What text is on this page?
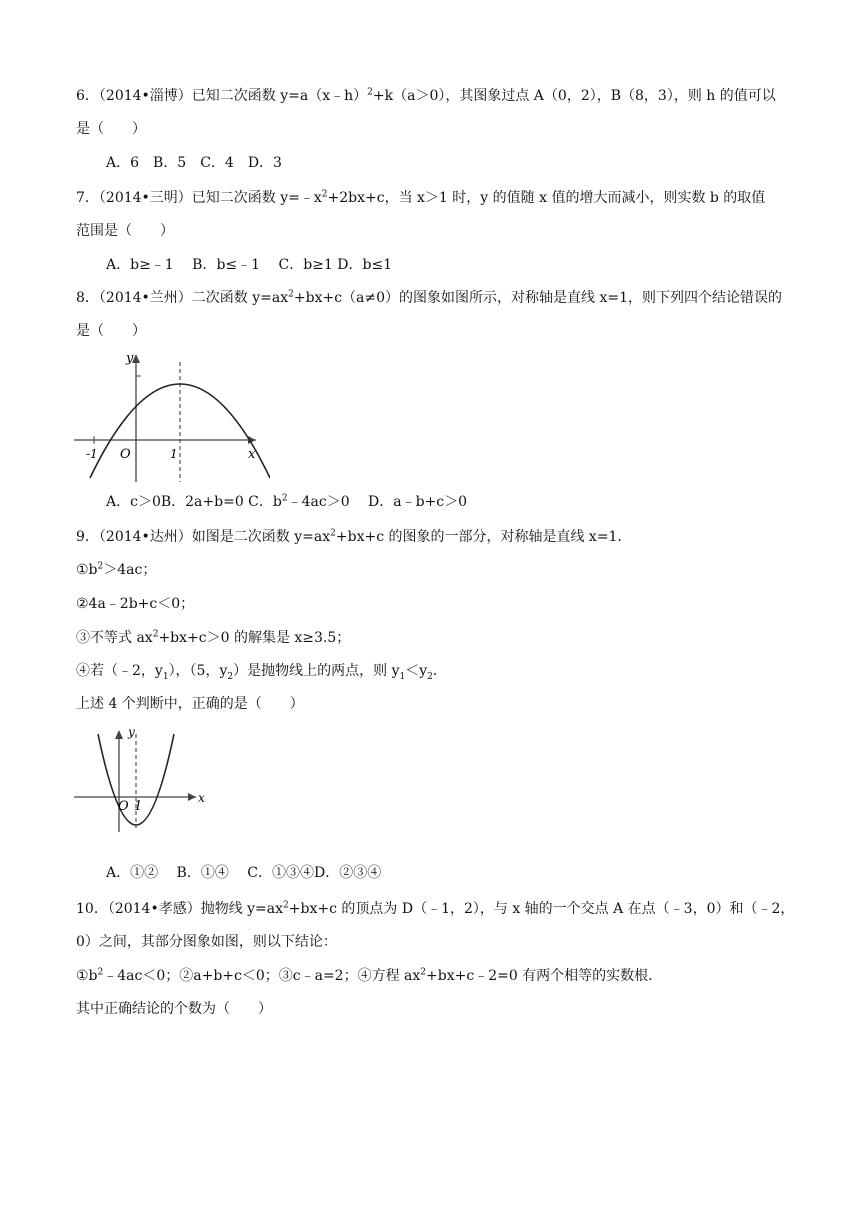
6．（2014•淄博）已知二次函数 y=a（x﹣h）$^2$+k（a＞0），其图象过点 A（0，2），B（8，3），则 h 的值可以
是（　　）
A．6　B．5　C．4　D．3
7．（2014•三明）已知二次函数 $y=﹣x^2+2bx+c$，当 x＞1 时，y 的值随 x 值的增大而减小，则实数 b 的取值
范围是（　　）
A．b≥﹣1　 B．b≤﹣1　 C．b≥1 D．b≤1
8．（2014•兰州）二次函数 $y=ax^2+bx+c(a\ne 0)$的图象如图所示，对称轴是直线 x=1，则下列四个结论错误的
是（　　）
y
x
O
-1	1
A．c＞0B．2a+b=0 C．$b^2﹣4ac>0$　 D．a﹣b+c＞0
9．（2014•达州）如图是二次函数 $y=ax^2+bx+c$ 的图象的一部分，对称轴是直线 x=1．
$①b^2>4ac$；
②4a﹣2b+c＜0；
③不等式 $ax^2+bx+c>0$ 的解集是 x≥3.5；
④若（﹣2，$y_1$），（5，$y_2$）是抛物线上的两点，则 $y_1<y_2$．
上述 4 个判断中，正确的是（　　）
y
x
O 1
A．①②　 B．①④　 C．①③④D．②③④
10．（2014•孝感）抛物线 $y=ax^2+bx+c$ 的顶点为 D（﹣1，2），与 x 轴的一个交点 A 在点（﹣3，0）和（﹣2，
0）之间，其部分图象如图，则以下结论：
$①b^2﹣4ac<0$；②a+b+c＜0；③c﹣a=2；④方程 $ax^2+bx+c﹣2=0$ 有两个相等的实数根．
其中正确结论的个数为（　　）
